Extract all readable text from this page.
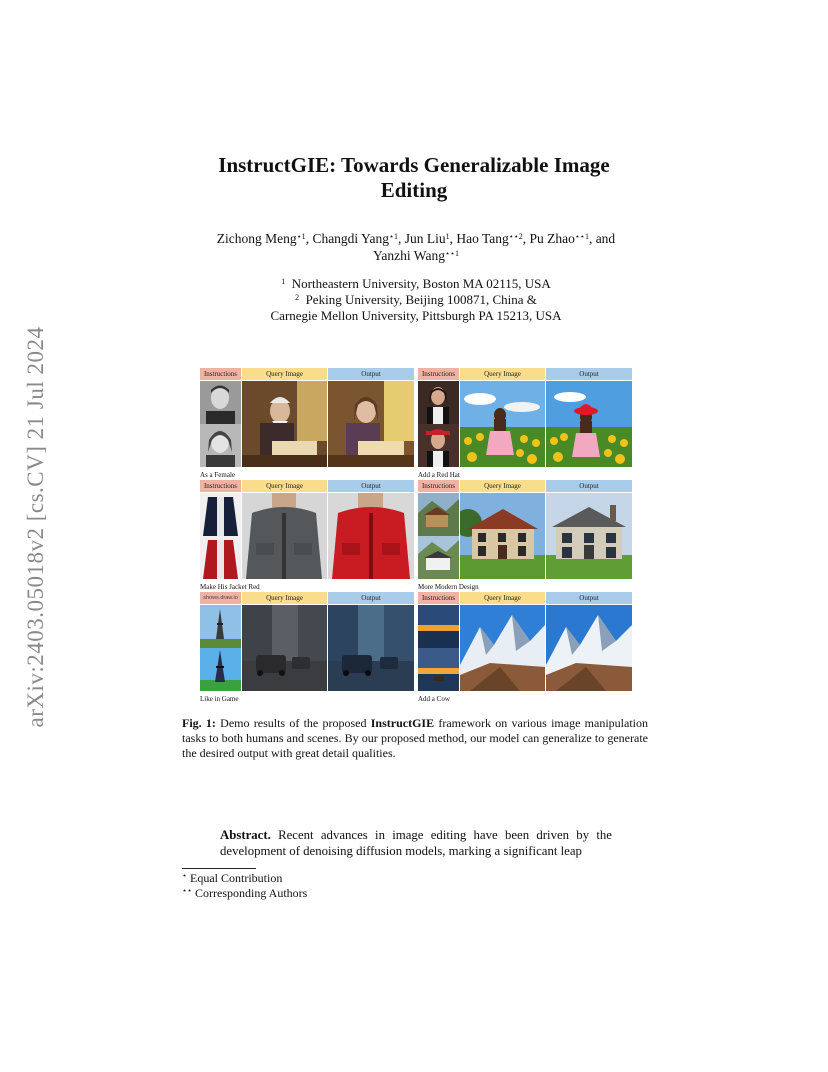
arXiv:2403.05018v2 [cs.CV] 21 Jul 2024
InstructGIE: Towards Generalizable Image
Editing
Zichong Meng$^{⋆1}$, Changdi Yang$^{⋆1}$, Jun Liu$^1$, Hao Tang$^{⋆⋆2}$, Pu Zhao$^{⋆⋆1}$, and
Yanzhi Wang$^{⋆⋆1}$
$^1$ Northeastern University, Boston MA 02115, USA
$^2$ Peking University, Beijing 100871, China &
Carnegie Mellon University, Pittsburgh PA 15213, USA
Instructions	Query Image	Output
As a Female
Instructions	Query Image	Output
Add a Red Hat
Instructions	Query Image	Output
Make His Jacket Red
Instructions	Query Image	Output
More Modern Design
shows.draw.io	Query Image	Output
Like in Game
Instructions	Query Image	Output
Add a Cow
Fig. 1: Demo results of the proposed InstructGIE framework on various image manipulation tasks to both humans and scenes. By our proposed method, our model can generalize to generate the desired output with great detail qualities.
Abstract. Recent advances in image editing have been driven by the development of denoising diffusion models, marking a significant leap
⋆ Equal Contribution
⋆⋆ Corresponding Authors
